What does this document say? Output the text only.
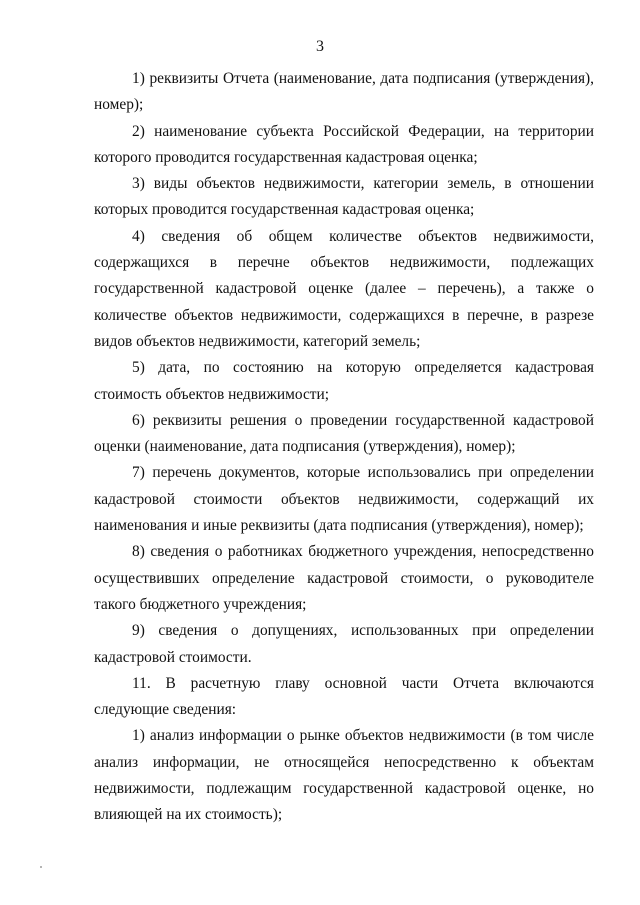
3

1) реквизиты Отчета (наименование, дата подписания (утверждения), номер);

2) наименование субъекта Российской Федерации, на территории которого проводится государственная кадастровая оценка;

3) виды объектов недвижимости, категории земель, в отношении которых проводится государственная кадастровая оценка;

4) сведения об общем количестве объектов недвижимости, содержащихся в перечне объектов недвижимости, подлежащих государственной кадастровой оценке (далее – перечень), а также о количестве объектов недвижимости, содержащихся в перечне, в разрезе видов объектов недвижимости, категорий земель;

5) дата, по состоянию на которую определяется кадастровая стоимость объектов недвижимости;

6) реквизиты решения о проведении государственной кадастровой оценки (наименование, дата подписания (утверждения), номер);

7) перечень документов, которые использовались при определении кадастровой стоимости объектов недвижимости, содержащий их наименования и иные реквизиты (дата подписания (утверждения), номер);

8) сведения о работниках бюджетного учреждения, непосредственно осуществивших определение кадастровой стоимости, о руководителе такого бюджетного учреждения;

9) сведения о допущениях, использованных при определении кадастровой стоимости.

11. В расчетную главу основной части Отчета включаются следующие сведения:

1) анализ информации о рынке объектов недвижимости (в том числе анализ информации, не относящейся непосредственно к объектам недвижимости, подлежащим государственной кадастровой оценке, но влияющей на их стоимость);
